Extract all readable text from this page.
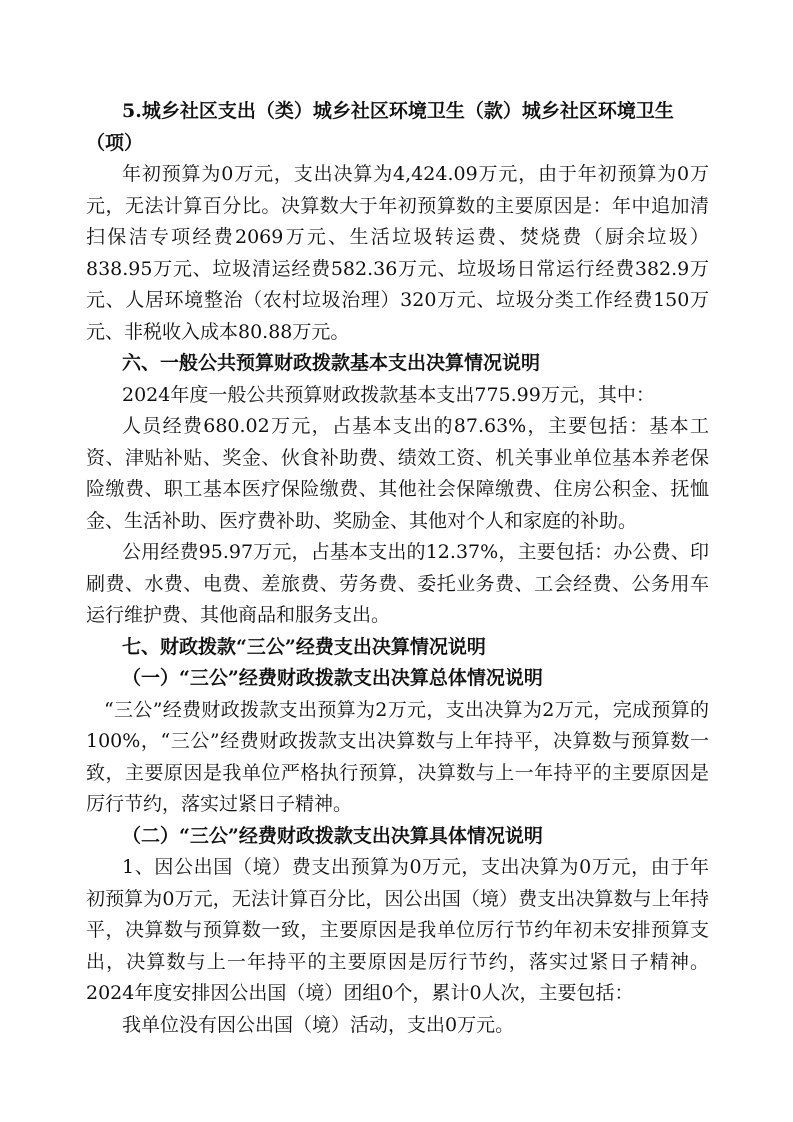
5.城乡社区支出（类）城乡社区环境卫生（款）城乡社区环境卫生（项）

年初预算为0万元，支出决算为4,424.09万元，由于年初预算为0万元，无法计算百分比。决算数大于年初预算数的主要原因是：年中追加清扫保洁专项经费2069万元、生活垃圾转运费、焚烧费（厨余垃圾）838.95万元、垃圾清运经费582.36万元、垃圾场日常运行经费382.9万元、人居环境整治（农村垃圾治理）320万元、垃圾分类工作经费150万元、非税收入成本80.88万元。

六、一般公共预算财政拨款基本支出决算情况说明

2024年度一般公共预算财政拨款基本支出775.99万元，其中：

人员经费680.02万元，占基本支出的87.63%，主要包括：基本工资、津贴补贴、奖金、伙食补助费、绩效工资、机关事业单位基本养老保险缴费、职工基本医疗保险缴费、其他社会保障缴费、住房公积金、抚恤金、生活补助、医疗费补助、奖励金、其他对个人和家庭的补助。

公用经费95.97万元，占基本支出的12.37%，主要包括：办公费、印刷费、水费、电费、差旅费、劳务费、委托业务费、工会经费、公务用车运行维护费、其他商品和服务支出。

七、财政拨款“三公”经费支出决算情况说明

（一）“三公”经费财政拨款支出决算总体情况说明

“三公”经费财政拨款支出预算为2万元，支出决算为2万元，完成预算的100%，“三公”经费财政拨款支出决算数与上年持平，决算数与预算数一致，主要原因是我单位严格执行预算，决算数与上一年持平的主要原因是厉行节约，落实过紧日子精神。

（二）“三公”经费财政拨款支出决算具体情况说明

1、因公出国（境）费支出预算为0万元，支出决算为0万元，由于年初预算为0万元，无法计算百分比，因公出国（境）费支出决算数与上年持平，决算数与预算数一致，主要原因是我单位厉行节约年初未安排预算支出，决算数与上一年持平的主要原因是厉行节约，落实过紧日子精神。2024年度安排因公出国（境）团组0个，累计0人次，主要包括：

我单位没有因公出国（境）活动，支出0万元。
